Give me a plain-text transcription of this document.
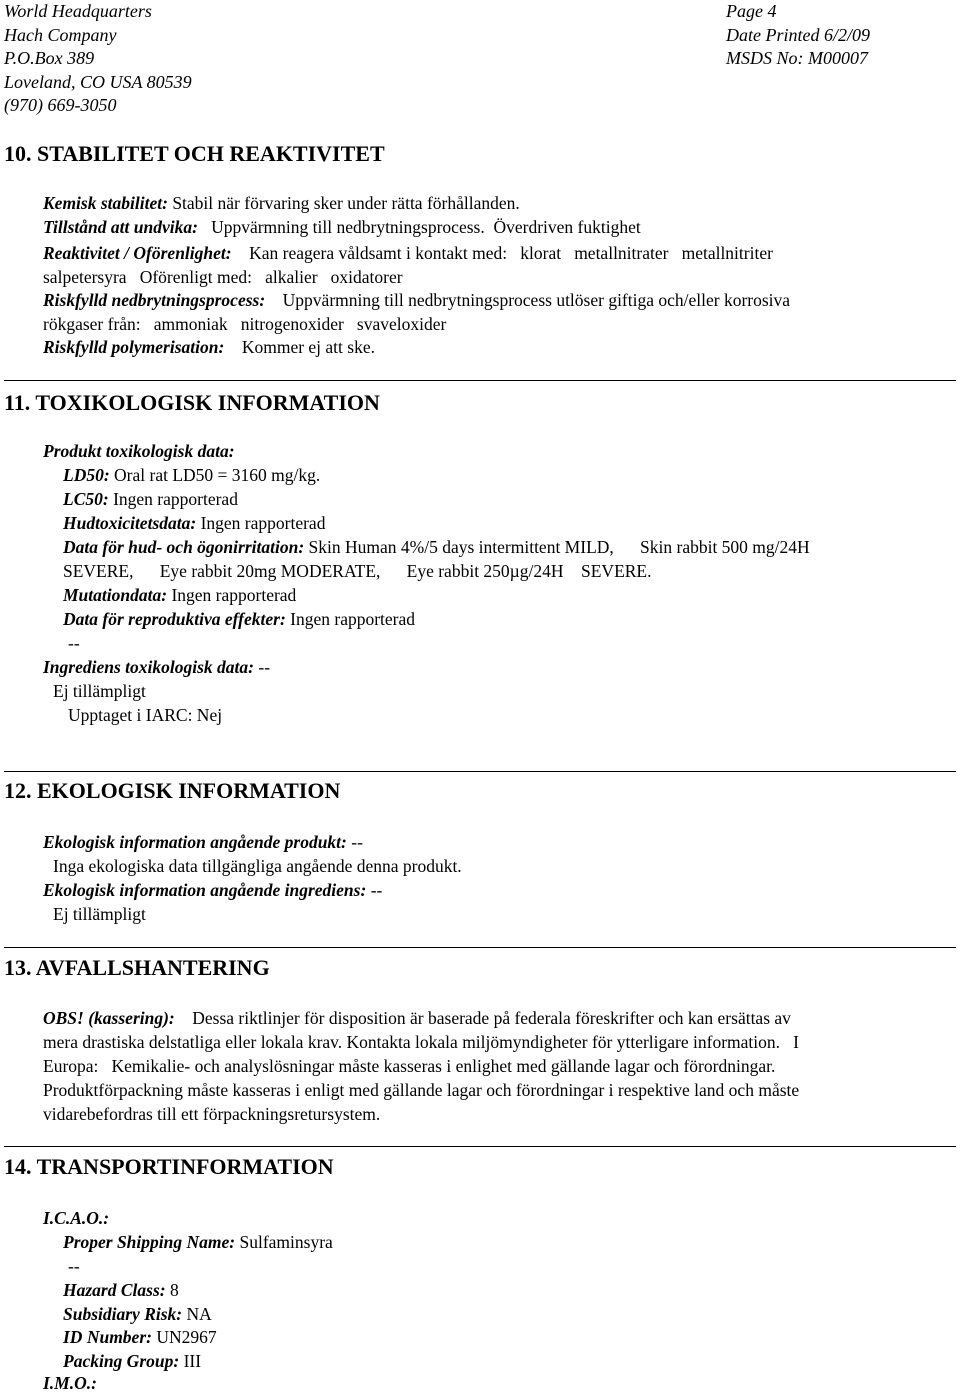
World Headquarters
Hach Company
P.O.Box 389
Loveland, CO USA 80539
(970) 669-3050
Page 4
Date Printed 6/2/09
MSDS No: M00007
10. STABILITET OCH REAKTIVITET
Kemisk stabilitet: Stabil när förvaring sker under rätta förhållanden.
Tillstånd att undvika:   Uppvärmning till nedbrytningsprocess.  Överdriven fuktighet
Reaktivitet / Oförenlighet:    Kan reagera våldsamt i kontakt med:   klorat   metallnitrater   metallnitriter
salpetersyra   Oförenligt med:   alkalier   oxidatorer
Riskfylld nedbrytningsprocess:    Uppvärmning till nedbrytningsprocess utlöser giftiga och/eller korrosiva
rökgaser från:   ammoniak   nitrogenoxider   svaveloxider
Riskfylld polymerisation:    Kommer ej att ske.
11. TOXIKOLOGISK INFORMATION
Produkt toxikologisk data:
LD50: Oral rat LD50 = 3160 mg/kg.
LC50: Ingen rapporterad
Hudtoxicitetsdata: Ingen rapporterad
Data för hud- och ögonirritation: Skin Human 4%/5 days intermittent MILD,      Skin rabbit 500 mg/24H
SEVERE,      Eye rabbit 20mg MODERATE,      Eye rabbit 250µg/24H    SEVERE.
Mutationdata: Ingen rapporterad
Data för reproduktiva effekter: Ingen rapporterad
--
Ingrediens toxikologisk data: --
Ej tillämpligt
Upptaget i IARC: Nej
12. EKOLOGISK INFORMATION
Ekologisk information angående produkt: --
Inga ekologiska data tillgängliga angående denna produkt.
Ekologisk information angående ingrediens: --
Ej tillämpligt
13. AVFALLSHANTERING
OBS! (kassering):    Dessa riktlinjer för disposition är baserade på federala föreskrifter och kan ersättas av
mera drastiska delstatliga eller lokala krav. Kontakta lokala miljömyndigheter för ytterligare information.   I
Europa:   Kemikalie- och analyslösningar måste kasseras i enlighet med gällande lagar och förordningar.
Produktförpackning måste kasseras i enligt med gällande lagar och förordningar i respektive land och måste
vidarebefordras till ett förpackningsretursystem.
14. TRANSPORTINFORMATION
I.C.A.O.:
Proper Shipping Name: Sulfaminsyra
--
Hazard Class: 8
Subsidiary Risk: NA
ID Number: UN2967
Packing Group: III
I.M.O.:
